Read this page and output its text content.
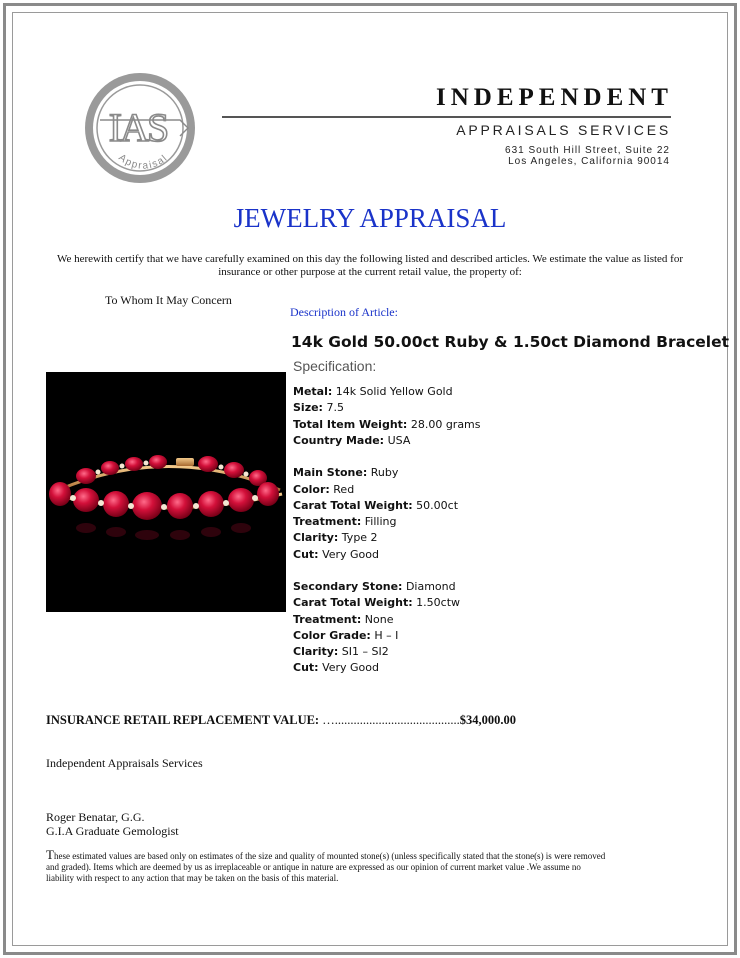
IAS
Appraisal
INDEPENDENT
APPRAISALS SERVICES
631 South Hill Street, Suite 22
Los Angeles, California 90014
JEWELRY APPRAISAL
We herewith certify that we have carefully examined on this day the following listed and described articles. We estimate the value as listed for insurance or other purpose at the current retail value, the property of:
To Whom It May Concern
Description of Article:
14k Gold 50.00ct Ruby & 1.50ct Diamond Bracelet
Specification:
Metal: 14k Solid Yellow Gold
Size: 7.5
Total Item Weight: 28.00 grams
Country Made: USA
Main Stone: Ruby
Color: Red
Carat Total Weight: 50.00ct
Treatment: Filling
Clarity: Type 2
Cut: Very Good
Secondary Stone: Diamond
Carat Total Weight: 1.50ctw
Treatment: None
Color Grade: H – I
Clarity: SI1 – SI2
Cut: Very Good
INSURANCE RETAIL REPLACEMENT VALUE: …........................................$34,000.00
Independent Appraisals Services
Roger Benatar, G.G.
G.I.A Graduate Gemologist
These estimated values are based only on estimates of the size and quality of mounted stone(s) (unless specifically stated that the stone(s) is were removed and graded). Items which are deemed by us as irreplaceable or antique in nature are expressed as our opinion of current market value .We assume no liability with respect to any action that may be taken on the basis of this material.
